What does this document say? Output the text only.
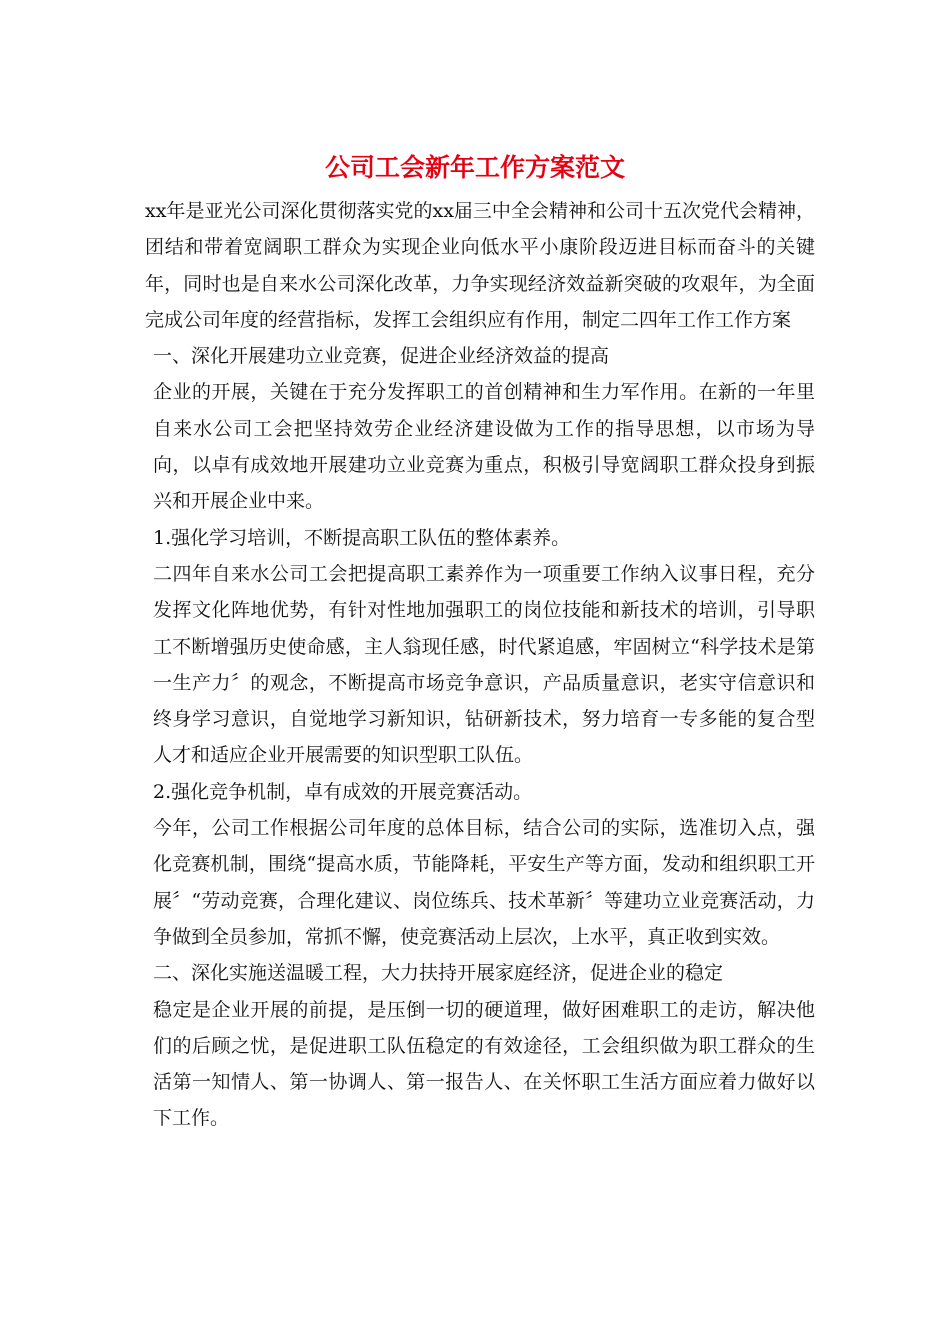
公司工会新年工作方案范文

xx年是亚光公司深化贯彻落实党的xx届三中全会精神和公司十五次党代会精神，团结和带着宽阔职工群众为实现企业向低水平小康阶段迈进目标而奋斗的关键年，同时也是自来水公司深化改革，力争实现经济效益新突破的攻艰年，为全面完成公司年度的经营指标，发挥工会组织应有作用，制定二四年工作工作方案

一、深化开展建功立业竞赛，促进企业经济效益的提高

企业的开展，关键在于充分发挥职工的首创精神和生力军作用。在新的一年里自来水公司工会把坚持效劳企业经济建设做为工作的指导思想，以市场为导向，以卓有成效地开展建功立业竞赛为重点，积极引导宽阔职工群众投身到振兴和开展企业中来。

1.强化学习培训，不断提高职工队伍的整体素养。

二四年自来水公司工会把提高职工素养作为一项重要工作纳入议事日程，充分发挥文化阵地优势，有针对性地加强职工的岗位技能和新技术的培训，引导职工不断增强历史使命感，主人翁现任感，时代紧追感，牢固树立“科学技术是第一生产力〞的观念，不断提高市场竞争意识，产品质量意识，老实守信意识和终身学习意识，自觉地学习新知识，钻研新技术，努力培育一专多能的复合型人才和适应企业开展需要的知识型职工队伍。

2.强化竞争机制，卓有成效的开展竞赛活动。

今年，公司工作根据公司年度的总体目标，结合公司的实际，选准切入点，强化竞赛机制，围绕“提高水质，节能降耗，平安生产等方面，发动和组织职工开展〞“劳动竞赛，合理化建议、岗位练兵、技术革新〞等建功立业竞赛活动，力争做到全员参加，常抓不懈，使竞赛活动上层次，上水平，真正收到实效。

二、深化实施送温暖工程，大力扶持开展家庭经济，促进企业的稳定

稳定是企业开展的前提，是压倒一切的硬道理，做好困难职工的走访，解决他们的后顾之忧，是促进职工队伍稳定的有效途径，工会组织做为职工群众的生活第一知情人、第一协调人、第一报告人、在关怀职工生活方面应着力做好以下工作。
